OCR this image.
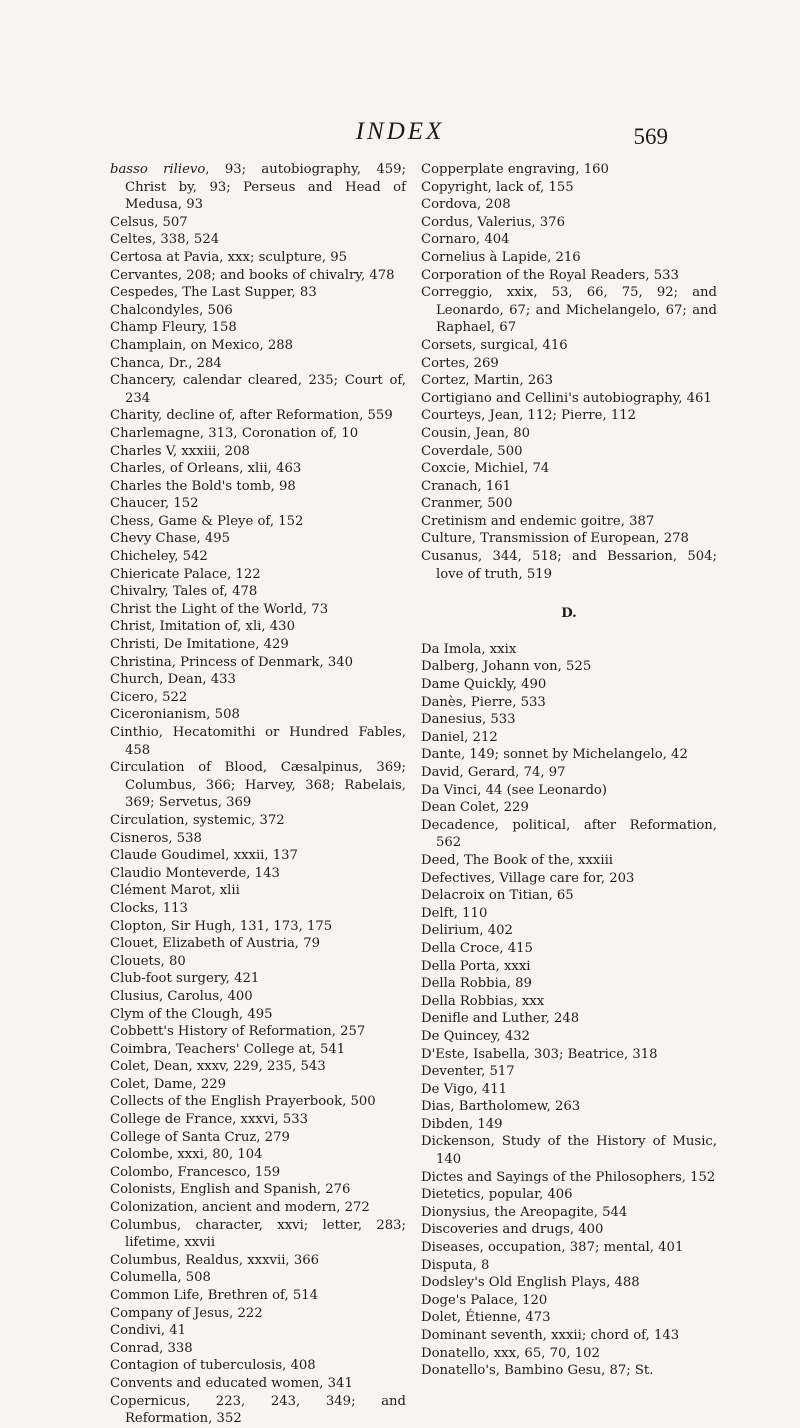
INDEX	569
basso rilievo, 93; autobiography, 459; Christ by, 93; Perseus and Head of Medusa, 93
Celsus, 507
Celtes, 338, 524
Certosa at Pavia, xxx; sculpture, 95
Cervantes, 208; and books of chivalry, 478
Cespedes, The Last Supper, 83
Chalcondyles, 506
Champ Fleury, 158
Champlain, on Mexico, 288
Chanca, Dr., 284
Chancery, calendar cleared, 235; Court of, 234
Charity, decline of, after Reformation, 559
Charlemagne, 313, Coronation of, 10
Charles V, xxxiii, 208
Charles, of Orleans, xlii, 463
Charles the Bold's tomb, 98
Chaucer, 152
Chess, Game & Pleye of, 152
Chevy Chase, 495
Chicheley, 542
Chiericate Palace, 122
Chivalry, Tales of, 478
Christ the Light of the World, 73
Christ, Imitation of, xli, 430
Christi, De Imitatione, 429
Christina, Princess of Denmark, 340
Church, Dean, 433
Cicero, 522
Ciceronianism, 508
Cinthio, Hecatomithi or Hundred Fables, 458
Circulation of Blood, Cæsalpinus, 369; Columbus, 366; Harvey, 368; Rabelais, 369; Servetus, 369
Circulation, systemic, 372
Cisneros, 538
Claude Goudimel, xxxii, 137
Claudio Monteverde, 143
Clément Marot, xlii
Clocks, 113
Clopton, Sir Hugh, 131, 173, 175
Clouet, Elizabeth of Austria, 79
Clouets, 80
Club-foot surgery, 421
Clusius, Carolus, 400
Clym of the Clough, 495
Cobbett's History of Reformation, 257
Coimbra, Teachers' College at, 541
Colet, Dean, xxxv, 229, 235, 543
Colet, Dame, 229
Collects of the English Prayerbook, 500
College de France, xxxvi, 533
College of Santa Cruz, 279
Colombe, xxxi, 80, 104
Colombo, Francesco, 159
Colonists, English and Spanish, 276
Colonization, ancient and modern, 272
Columbus, character, xxvi; letter, 283; lifetime, xxvii
Columbus, Realdus, xxxvii, 366
Columella, 508
Common Life, Brethren of, 514
Company of Jesus, 222
Condivi, 41
Conrad, 338
Contagion of tuberculosis, 408
Convents and educated women, 341
Copernicus, 223, 243, 349; and Reformation, 352
Copperplate engraving, 160
Copyright, lack of, 155
Cordova, 208
Cordus, Valerius, 376
Cornaro, 404
Cornelius à Lapide, 216
Corporation of the Royal Readers, 533
Correggio, xxix, 53, 66, 75, 92; and Leonardo, 67; and Michelangelo, 67; and Raphael, 67
Corsets, surgical, 416
Cortes, 269
Cortez, Martin, 263
Cortigiano and Cellini's autobiography, 461
Courteys, Jean, 112; Pierre, 112
Cousin, Jean, 80
Coverdale, 500
Coxcie, Michiel, 74
Cranach, 161
Cranmer, 500
Cretinism and endemic goitre, 387
Culture, Transmission of European, 278
Cusanus, 344, 518; and Bessarion, 504; love of truth, 519
D.
Da Imola, xxix
Dalberg, Johann von, 525
Dame Quickly, 490
Danès, Pierre, 533
Danesius, 533
Daniel, 212
Dante, 149; sonnet by Michelangelo, 42
David, Gerard, 74, 97
Da Vinci, 44 (see Leonardo)
Dean Colet, 229
Decadence, political, after Reformation, 562
Deed, The Book of the, xxxiii
Defectives, Village care for, 203
Delacroix on Titian, 65
Delft, 110
Delirium, 402
Della Croce, 415
Della Porta, xxxi
Della Robbia, 89
Della Robbias, xxx
Denifle and Luther, 248
De Quincey, 432
D'Este, Isabella, 303; Beatrice, 318
Deventer, 517
De Vigo, 411
Dias, Bartholomew, 263
Dibden, 149
Dickenson, Study of the History of Music, 140
Dictes and Sayings of the Philosophers, 152
Dietetics, popular, 406
Dionysius, the Areopagite, 544
Discoveries and drugs, 400
Diseases, occupation, 387; mental, 401
Disputa, 8
Dodsley's Old English Plays, 488
Doge's Palace, 120
Dolet, Étienne, 473
Dominant seventh, xxxii; chord of, 143
Donatello, xxx, 65, 70, 102
Donatello's, Bambino Gesu, 87; St.
